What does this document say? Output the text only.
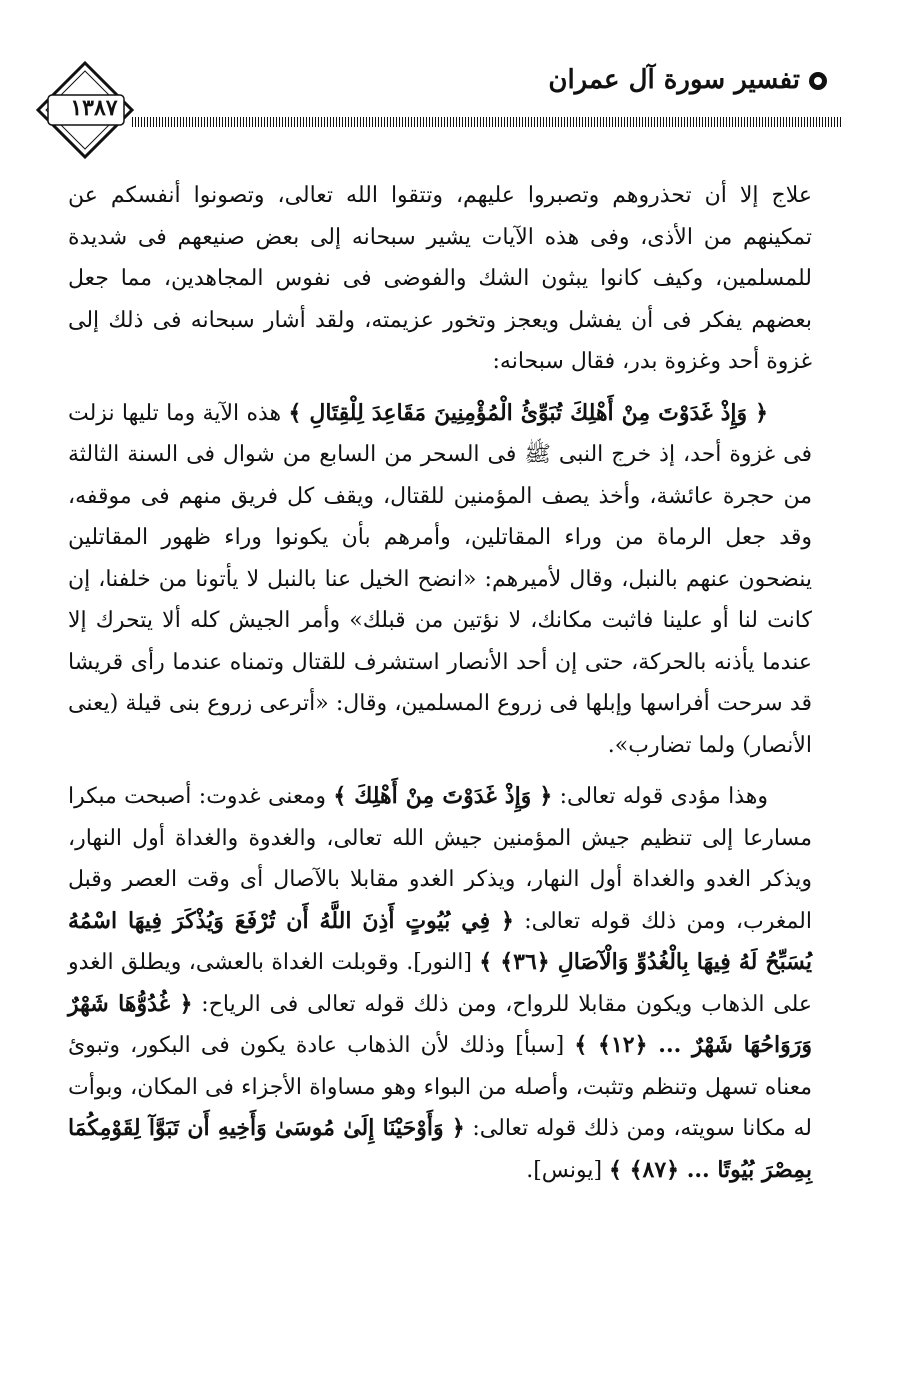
١٣٨٧
تفسير سورة آل عمران

علاج إلا أن تحذروهم وتصبروا عليهم، وتتقوا الله تعالى، وتصونوا أنفسكم عن تمكينهم من الأذى، وفى هذه الآيات يشير سبحانه إلى بعض صنيعهم فى شديدة للمسلمين، وكيف كانوا يبثون الشك والفوضى فى نفوس المجاهدين، مما جعل بعضهم يفكر فى أن يفشل ويعجز وتخور عزيمته، ولقد أشار سبحانه فى ذلك إلى غزوة أحد وغزوة بدر، فقال سبحانه:

﴿ وَإِذْ غَدَوْتَ مِنْ أَهْلِكَ تُبَوِّئُ الْمُؤْمِنِينَ مَقَاعِدَ لِلْقِتَالِ ﴾ هذه الآية وما تليها نزلت فى غزوة أحد، إذ خرج النبى ﷺ فى السحر من السابع من شوال فى السنة الثالثة من حجرة عائشة، وأخذ يصف المؤمنين للقتال، ويقف كل فريق منهم فى موقفه، وقد جعل الرماة من وراء المقاتلين، وأمرهم بأن يكونوا وراء ظهور المقاتلين ينضحون عنهم بالنبل، وقال لأميرهم: «انضح الخيل عنا بالنبل لا يأتونا من خلفنا، إن كانت لنا أو علينا فاثبت مكانك، لا نؤتين من قبلك» وأمر الجيش كله ألا يتحرك إلا عندما يأذنه بالحركة، حتى إن أحد الأنصار استشرف للقتال وتمناه عندما رأى قريشا قد سرحت أفراسها وإبلها فى زروع المسلمين، وقال: «أترعى زروع بنى قيلة (يعنى الأنصار) ولما تضارب».

وهذا مؤدى قوله تعالى: ﴿ وَإِذْ غَدَوْتَ مِنْ أَهْلِكَ ﴾ ومعنى غدوت: أصبحت مبكرا مسارعا إلى تنظيم جيش المؤمنين جيش الله تعالى، والغدوة والغداة أول النهار، ويذكر الغدو والغداة أول النهار، ويذكر الغدو مقابلا بالآصال أى وقت العصر وقبل المغرب، ومن ذلك قوله تعالى: ﴿ فِي بُيُوتٍ أَذِنَ اللَّهُ أَن تُرْفَعَ وَيُذْكَرَ فِيهَا اسْمُهُ يُسَبِّحُ لَهُ فِيهَا بِالْغُدُوِّ وَالْآصَالِ ﴿٣٦﴾ ﴾ [النور]. وقوبلت الغداة بالعشى، ويطلق الغدو على الذهاب ويكون مقابلا للرواح، ومن ذلك قوله تعالى فى الرياح: ﴿ غُدُوُّهَا شَهْرٌ وَرَوَاحُهَا شَهْرٌ ... ﴿١٢﴾ ﴾ [سبأ] وذلك لأن الذهاب عادة يكون فى البكور، وتبوئ معناه تسهل وتنظم وتثبت، وأصله من البواء وهو مساواة الأجزاء فى المكان، وبوأت له مكانا سويته، ومن ذلك قوله تعالى: ﴿ وَأَوْحَيْنَا إِلَىٰ مُوسَىٰ وَأَخِيهِ أَن تَبَوَّآ لِقَوْمِكُمَا بِمِصْرَ بُيُوتًا ... ﴿٨٧﴾ ﴾ [يونس].
